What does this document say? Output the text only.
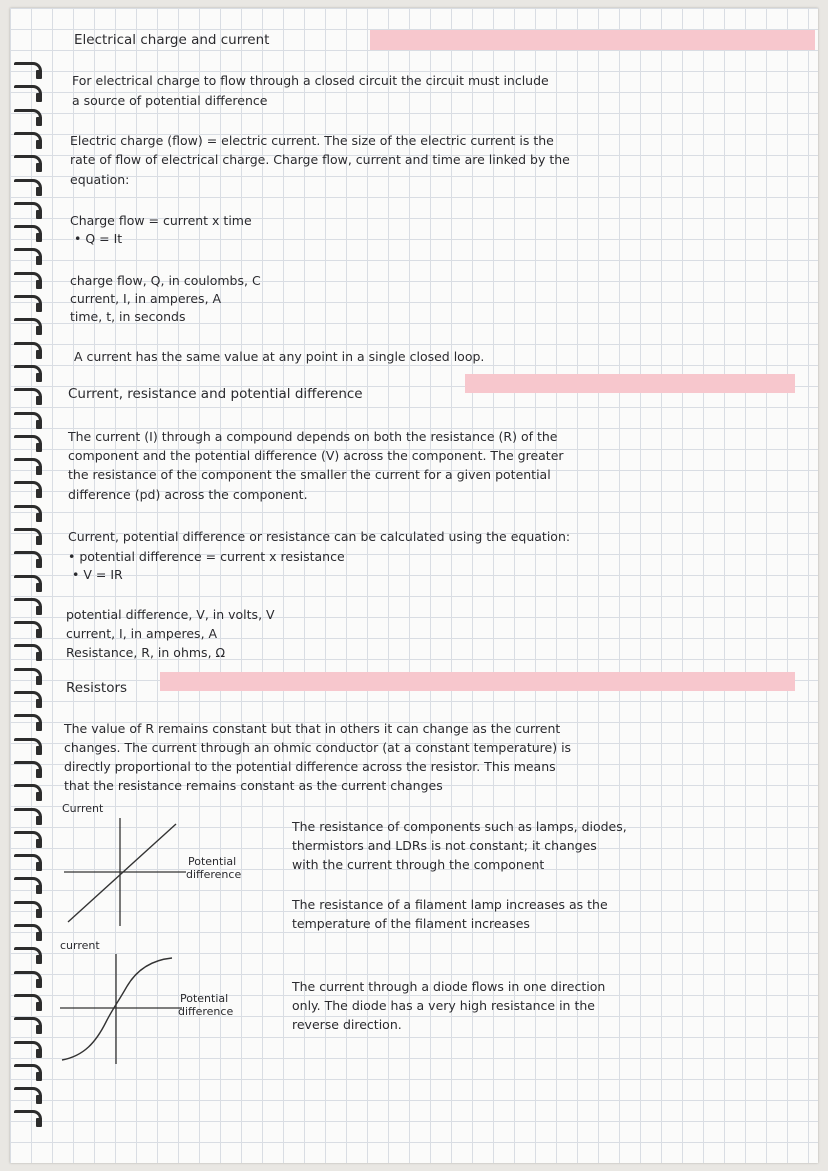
Electrical charge and current
For electrical charge to flow through a closed circuit the circuit must include
a source of potential difference
Electric charge (flow) = electric current. The size of the electric current is the
rate of flow of electrical charge. Charge flow, current and time are linked by the
equation:
Charge flow = current x time
• Q = It
charge flow, Q, in coulombs, C
current, I, in amperes, A
time, t, in seconds
A current has the same value at any point in a single closed loop.
Current, resistance and potential difference
The current (I) through a compound depends on both the resistance (R) of the
component and the potential difference (V) across the component. The greater
the resistance of the component the smaller the current for a given potential
difference (pd) across the component.
Current, potential difference or resistance can be calculated using the equation:
• potential difference = current x resistance
• V = IR
potential difference, V, in volts, V
current, I, in amperes, A
Resistance, R, in ohms, Ω
Resistors
The value of R remains constant but that in others it can change as the current
changes. The current through an ohmic conductor (at a constant temperature) is
directly proportional to the potential difference across the resistor. This means
that the resistance remains constant as the current changes
Current
Potential
difference
current
Potential
difference
The resistance of components such as lamps, diodes,
thermistors and LDRs is not constant; it changes
with the current through the component
The resistance of a filament lamp increases as the
temperature of the filament increases
The current through a diode flows in one direction
only. The diode has a very high resistance in the
reverse direction.
